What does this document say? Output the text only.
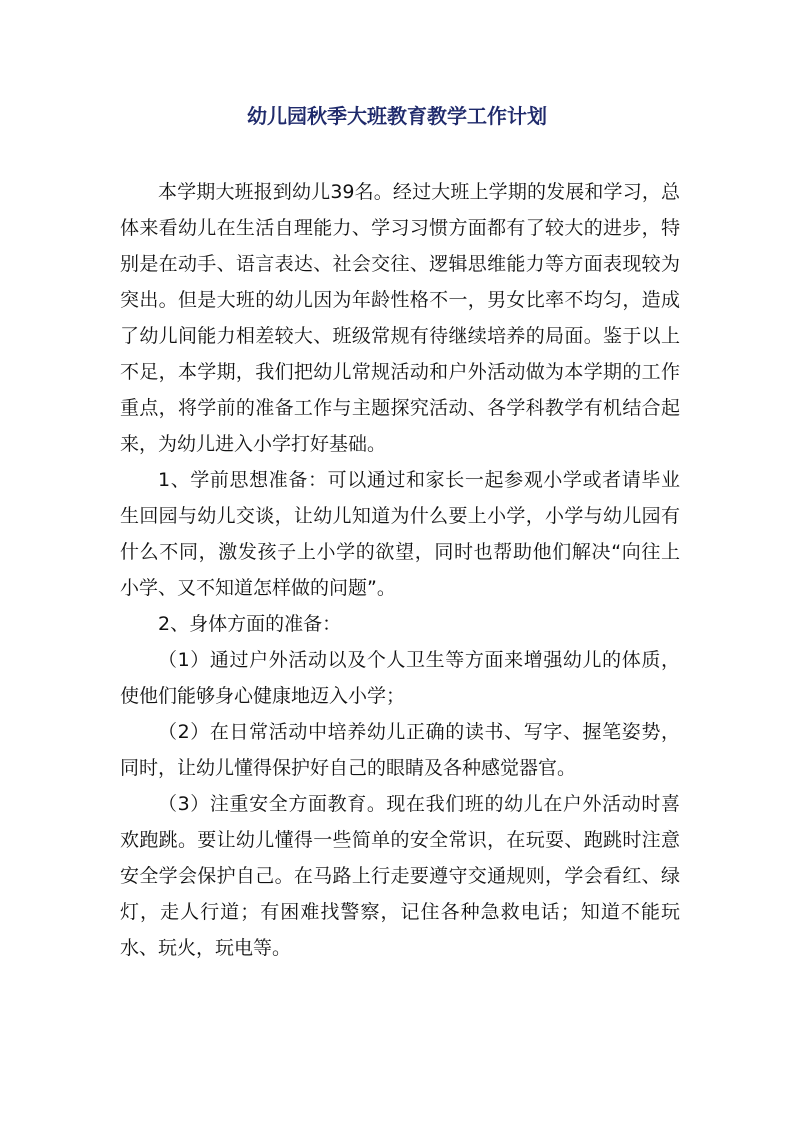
幼儿园秋季大班教育教学工作计划

本学期大班报到幼儿39名。经过大班上学期的发展和学习，总体来看幼儿在生活自理能力、学习习惯方面都有了较大的进步，特别是在动手、语言表达、社会交往、逻辑思维能力等方面表现较为突出。但是大班的幼儿因为年龄性格不一，男女比率不均匀，造成了幼儿间能力相差较大、班级常规有待继续培养的局面。鉴于以上不足，本学期，我们把幼儿常规活动和户外活动做为本学期的工作重点，将学前的准备工作与主题探究活动、各学科教学有机结合起来，为幼儿进入小学打好基础。

1、学前思想准备：可以通过和家长一起参观小学或者请毕业生回园与幼儿交谈，让幼儿知道为什么要上小学，小学与幼儿园有什么不同，激发孩子上小学的欲望，同时也帮助他们解决“向往上小学、又不知道怎样做的问题”。

2、身体方面的准备：

（1）通过户外活动以及个人卫生等方面来增强幼儿的体质，使他们能够身心健康地迈入小学；

（2）在日常活动中培养幼儿正确的读书、写字、握笔姿势，同时，让幼儿懂得保护好自己的眼睛及各种感觉器官。

（3）注重安全方面教育。现在我们班的幼儿在户外活动时喜欢跑跳。要让幼儿懂得一些简单的安全常识，在玩耍、跑跳时注意安全学会保护自己。在马路上行走要遵守交通规则，学会看红、绿灯，走人行道；有困难找警察，记住各种急救电话；知道不能玩水、玩火，玩电等。
